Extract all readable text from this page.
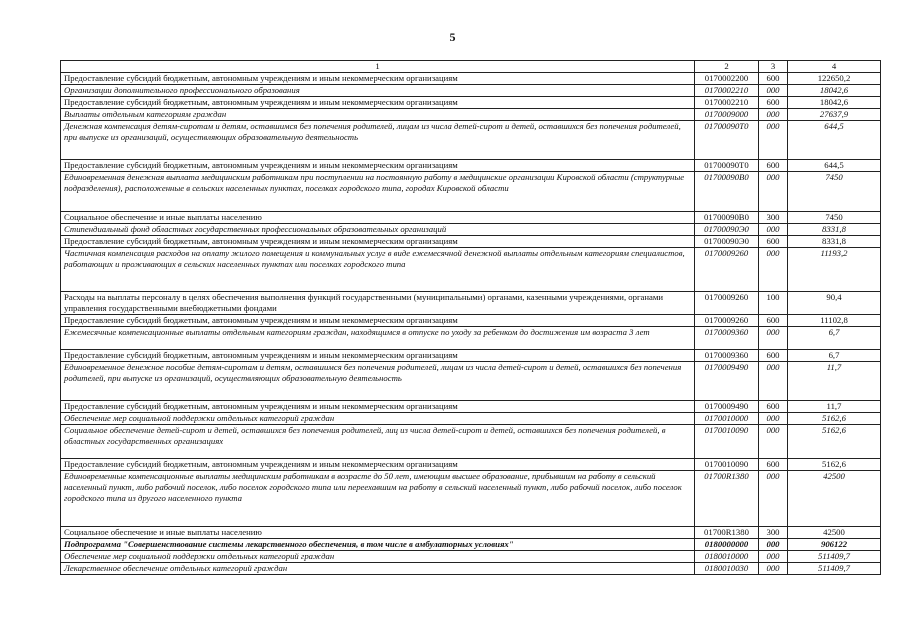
5
1	2	3	4
Предоставление субсидий бюджетным, автономным учреждениям и иным некоммерческим организациям	0170002200	600	122650,2
Организации дополнительного профессионального образования	0170002210	000	18042,6
Предоставление субсидий бюджетным, автономным учреждениям и иным некоммерческим организациям	0170002210	600	18042,6
Выплаты отдельным категориям граждан	0170009000	000	27637,9
Денежная компенсация детям-сиротам и детям, оставшимся без попечения родителей, лицам из числа детей-сирот и детей, оставшихся без попечения родителей, при выпуске из организаций, осуществляющих образовательную деятельность	01700090Т0	000	644,5
Предоставление субсидий бюджетным, автономным учреждениям и иным некоммерческим организациям	01700090Т0	600	644,5
Единовременная денежная выплата медицинским работникам при поступлении на постоянную работу в медицинские организации Кировской области (структурные подразделения), расположенные в сельских населенных пунктах, поселках городского типа, городах Кировской области	01700090В0	000	7450
Социальное обеспечение и иные выплаты населению	01700090В0	300	7450
Стипендиальный фонд областных государственных профессиональных образовательных организаций	01700090Э0	000	8331,8
Предоставление субсидий бюджетным, автономным учреждениям и иным некоммерческим организациям	01700090Э0	600	8331,8
Частичная компенсация расходов на оплату жилого помещения и коммунальных услуг в виде ежемесячной денежной выплаты отдельным категориям специалистов, работающих и проживающих в сельских населенных пунктах или поселках городского типа	0170009260	000	11193,2
Расходы на выплаты персоналу в целях обеспечения выполнения функций государственными (муниципальными) органами, казенными учреждениями, органами управления государственными внебюджетными фондами	0170009260	100	90,4
Предоставление субсидий бюджетным, автономным учреждениям и иным некоммерческим организациям	0170009260	600	11102,8
Ежемесячные компенсационные выплаты отдельным категориям граждан, находящимся в отпуске по уходу за ребенком до достижения им возраста 3 лет	0170009360	000	6,7
Предоставление субсидий бюджетным, автономным учреждениям и иным некоммерческим организациям	0170009360	600	6,7
Единовременное денежное пособие детям-сиротам и детям, оставшимся без попечения родителей, лицам из числа детей-сирот и детей, оставшихся без попечения родителей, при выпуске из организаций, осуществляющих образовательную деятельность	0170009490	000	11,7
Предоставление субсидий бюджетным, автономным учреждениям и иным некоммерческим организациям	0170009490	600	11,7
Обеспечение мер социальной поддержки отдельных категорий граждан	0170010000	000	5162,6
Социальное обеспечение детей-сирот и детей, оставшихся без попечения родителей, лиц из числа детей-сирот и детей, оставшихся без попечения родителей, в областных государственных организациях	0170010090	000	5162,6
Предоставление субсидий бюджетным, автономным учреждениям и иным некоммерческим организациям	0170010090	600	5162,6
Единовременные компенсационные выплаты медицинским работникам в возрасте до 50 лет, имеющим высшее образование, прибывшим на работу в сельский населенный пункт, либо рабочий поселок, либо поселок городского типа или переехавшим на работу в сельский населенный пункт, либо рабочий поселок, либо поселок городского типа из другого населенного пункта	01700R1380	000	42500
Социальное обеспечение и иные выплаты населению	01700R1380	300	42500
Подпрограмма "Совершенствование системы лекарственного обеспечения, в том числе в амбулаторных условиях"	0180000000	000	906122
Обеспечение мер социальной поддержки отдельных категорий граждан	0180010000	000	511409,7
Лекарственное обеспечение отдельных категорий граждан	0180010030	000	511409,7
